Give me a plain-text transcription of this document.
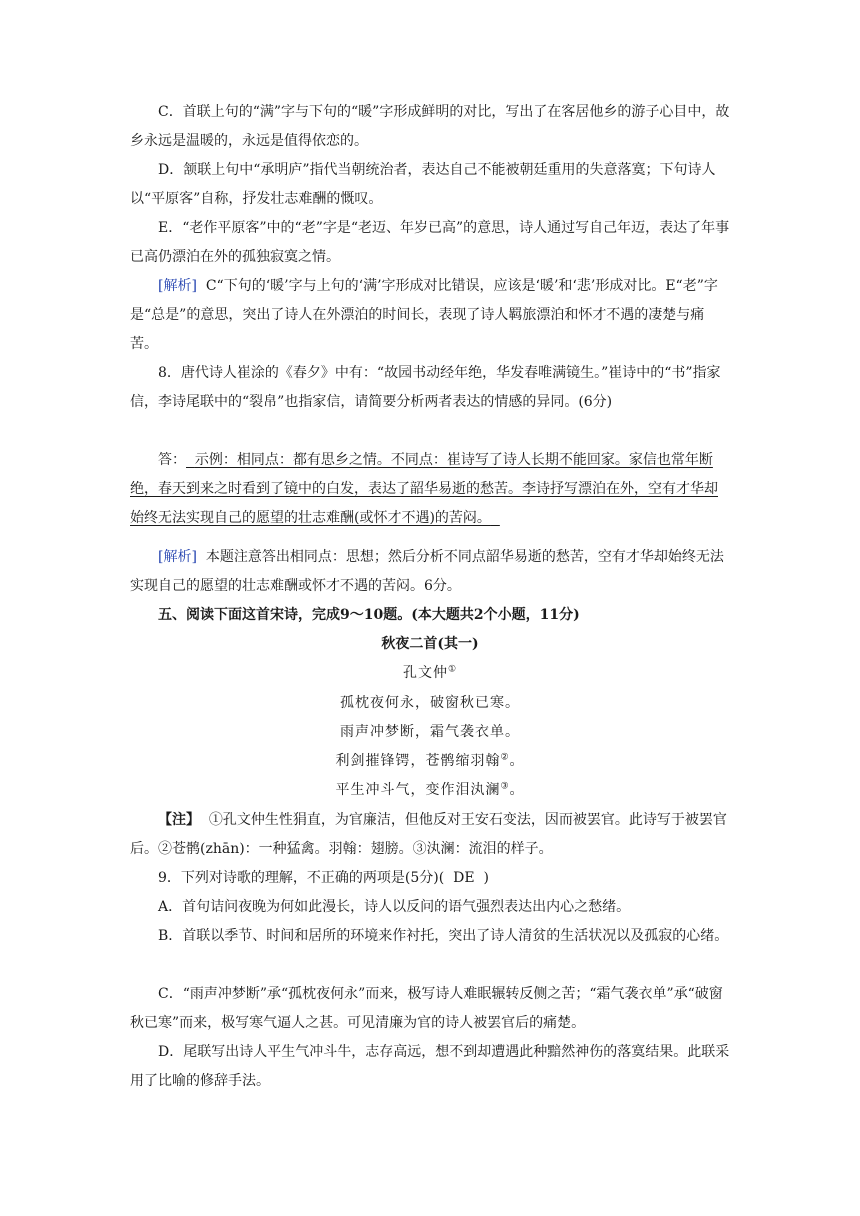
C．首联上句的“满”字与下句的“暖”字形成鲜明的对比，写出了在客居他乡的游子心目中，故乡永远是温暖的，永远是值得依恋的。

D．颔联上句中“承明庐”指代当朝统治者，表达自己不能被朝廷重用的失意落寞；下句诗人以“平原客”自称，抒发壮志难酬的慨叹。

E．“老作平原客”中的“老”字是“老迈、年岁已高”的意思，诗人通过写自己年迈，表达了年事已高仍漂泊在外的孤独寂寞之情。

[解析] C“下句的‘暖’字与上句的‘满’字形成对比错误，应该是‘暖’和‘悲’形成对比。E“老”字是“总是”的意思，突出了诗人在外漂泊的时间长，表现了诗人羁旅漂泊和怀才不遇的凄楚与痛苦。

8．唐代诗人崔涂的《春夕》中有：“故园书动经年绝，华发春唯满镜生。”崔诗中的“书”指家信，李诗尾联中的“裂帛”也指家信，请简要分析两者表达的情感的异同。(6分)

答： 示例：相同点：都有思乡之情。不同点：崔诗写了诗人长期不能回家。家信也常年断绝，春天到来之时看到了镜中的白发，表达了韶华易逝的愁苦。李诗抒写漂泊在外，空有才华却始终无法实现自己的愿望的壮志难酬(或怀才不遇)的苦闷。

[解析] 本题注意答出相同点：思想；然后分析不同点韶华易逝的愁苦，空有才华却始终无法实现自己的愿望的壮志难酬或怀才不遇的苦闷。6分。

五、阅读下面这首宋诗，完成9～10题。(本大题共2个小题，11分)

秋夜二首(其一)

孔文仲①

孤枕夜何永，破窗秋已寒。

雨声冲梦断，霜气袭衣单。

利剑摧锋锷，苍鹘缩羽翰②。

平生冲斗气，变作泪汍澜③。

【注】 ①孔文仲生性狷直，为官廉洁，但他反对王安石变法，因而被罢官。此诗写于被罢官后。②苍鹘(zhān)：一种猛禽。羽翰：翅膀。③汍澜：流泪的样子。

9．下列对诗歌的理解，不正确的两项是(5分)( DE )

A．首句诘问夜晚为何如此漫长，诗人以反问的语气强烈表达出内心之愁绪。

B．首联以季节、时间和居所的环境来作衬托，突出了诗人清贫的生活状况以及孤寂的心绪。

C．“雨声冲梦断”承“孤枕夜何永”而来，极写诗人难眠辗转反侧之苦；“霜气袭衣单”承“破窗秋已寒”而来，极写寒气逼人之甚。可见清廉为官的诗人被罢官后的痛楚。

D．尾联写出诗人平生气冲斗牛，志存高远，想不到却遭遇此种黯然神伤的落寞结果。此联采用了比喻的修辞手法。
